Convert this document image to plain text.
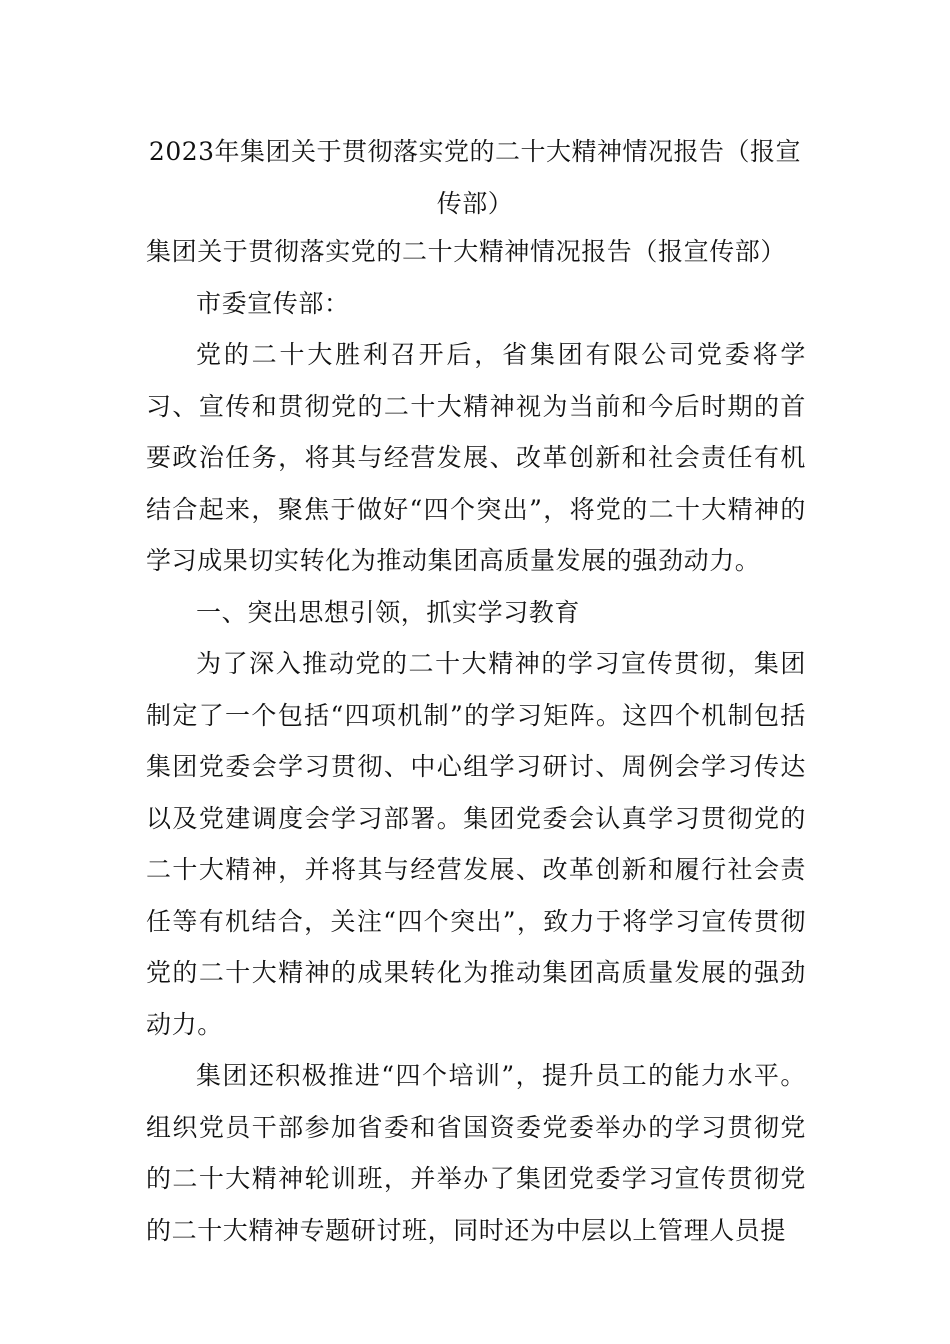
2023年集团关于贯彻落实党的二十大精神情况报告（报宣传部）

集团关于贯彻落实党的二十大精神情况报告（报宣传部）

市委宣传部：

党的二十大胜利召开后，省集团有限公司党委将学习、宣传和贯彻党的二十大精神视为当前和今后时期的首要政治任务，将其与经营发展、改革创新和社会责任有机结合起来，聚焦于做好“四个突出”，将党的二十大精神的学习成果切实转化为推动集团高质量发展的强劲动力。

一、突出思想引领，抓实学习教育

为了深入推动党的二十大精神的学习宣传贯彻，集团制定了一个包括“四项机制”的学习矩阵。这四个机制包括集团党委会学习贯彻、中心组学习研讨、周例会学习传达以及党建调度会学习部署。集团党委会认真学习贯彻党的二十大精神，并将其与经营发展、改革创新和履行社会责任等有机结合，关注“四个突出”，致力于将学习宣传贯彻党的二十大精神的成果转化为推动集团高质量发展的强劲动力。

集团还积极推进“四个培训”，提升员工的能力水平。组织党员干部参加省委和省国资委党委举办的学习贯彻党的二十大精神轮训班，并举办了集团党委学习宣传贯彻党的二十大精神专题研讨班，同时还为中层以上管理人员提
